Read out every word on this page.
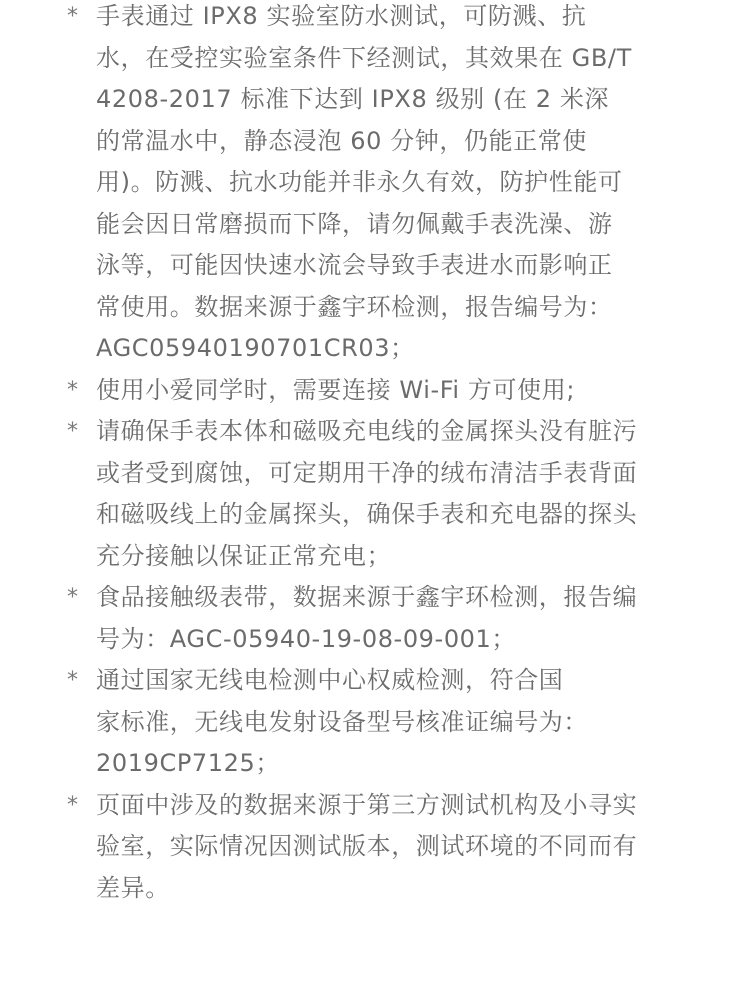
* 手表通过 IPX8 实验室防水测试，可防溅、抗
水，在受控实验室条件下经测试，其效果在 GB/T
4208-2017 标准下达到 IPX8 级别 (在 2 米深
的常温水中，静态浸泡 60 分钟，仍能正常使
用)。防溅、抗水功能并非永久有效，防护性能可
能会因日常磨损而下降，请勿佩戴手表洗澡、游
泳等，可能因快速水流会导致手表进水而影响正
常使用。数据来源于鑫宇环检测，报告编号为：
AGC05940190701CR03；
* 使用小爱同学时，需要连接 Wi-Fi 方可使用;
* 请确保手表本体和磁吸充电线的金属探头没有脏污
或者受到腐蚀，可定期用干净的绒布清洁手表背面
和磁吸线上的金属探头，确保手表和充电器的探头
充分接触以保证正常充电；
* 食品接触级表带，数据来源于鑫宇环检测，报告编
号为：AGC-05940-19-08-09-001；
* 通过国家无线电检测中心权威检测，符合国
家标准，无线电发射设备型号核准证编号为：
2019CP7125；
* 页面中涉及的数据来源于第三方测试机构及小寻实
验室，实际情况因测试版本，测试环境的不同而有
差异。
